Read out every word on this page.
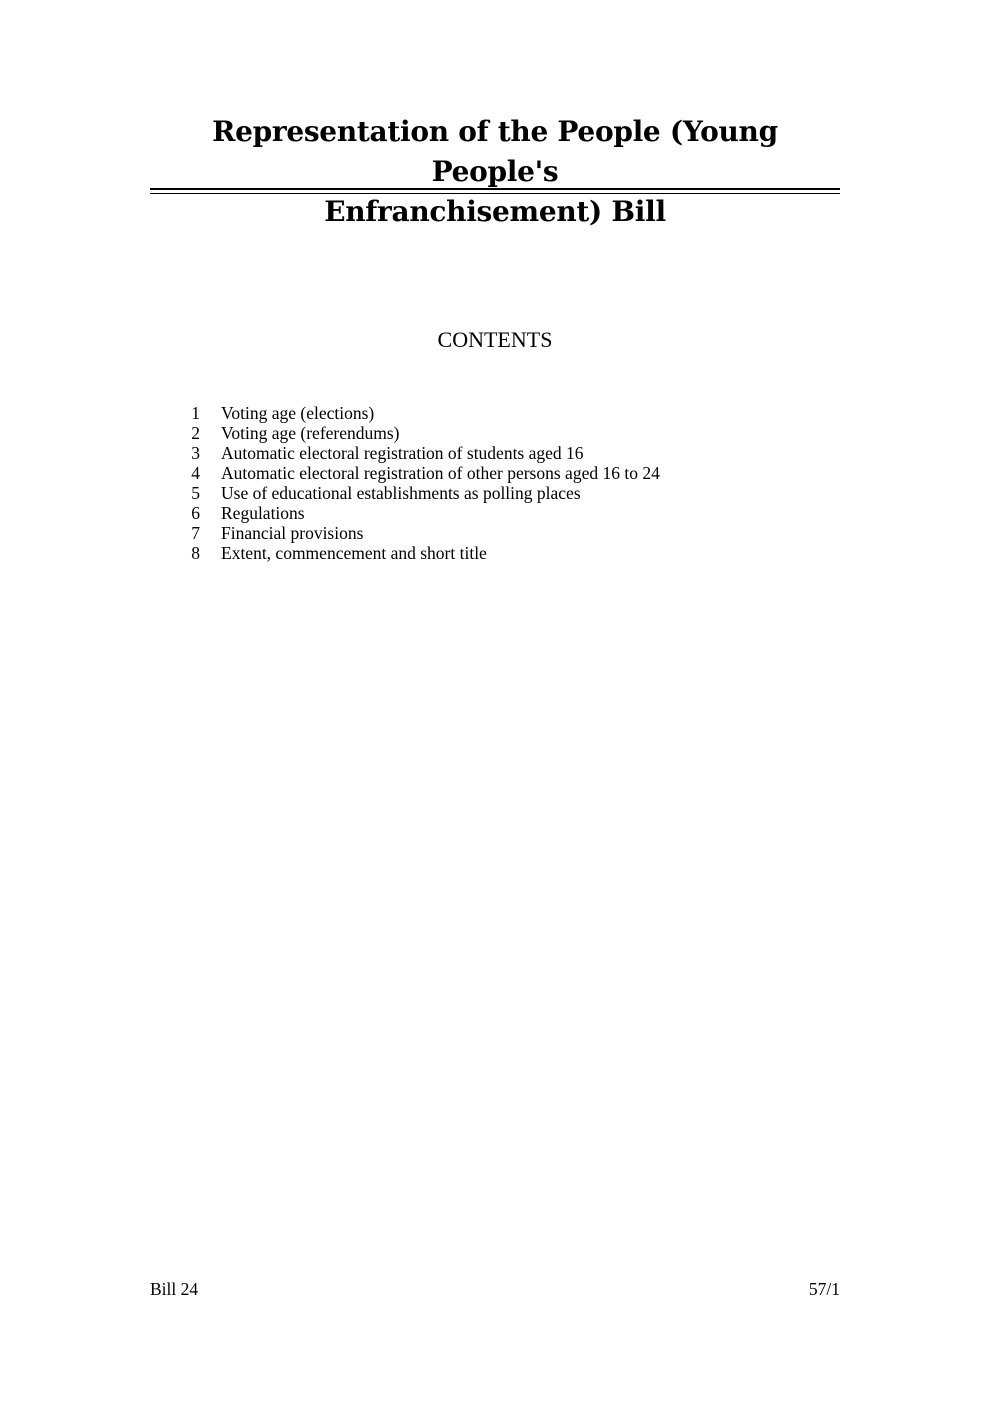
Representation of the People (Young People's
Enfranchisement) Bill
CONTENTS
1	Voting age (elections)
2	Voting age (referendums)
3	Automatic electoral registration of students aged 16
4	Automatic electoral registration of other persons aged 16 to 24
5	Use of educational establishments as polling places
6	Regulations
7	Financial provisions
8	Extent, commencement and short title
Bill 24	57/1
